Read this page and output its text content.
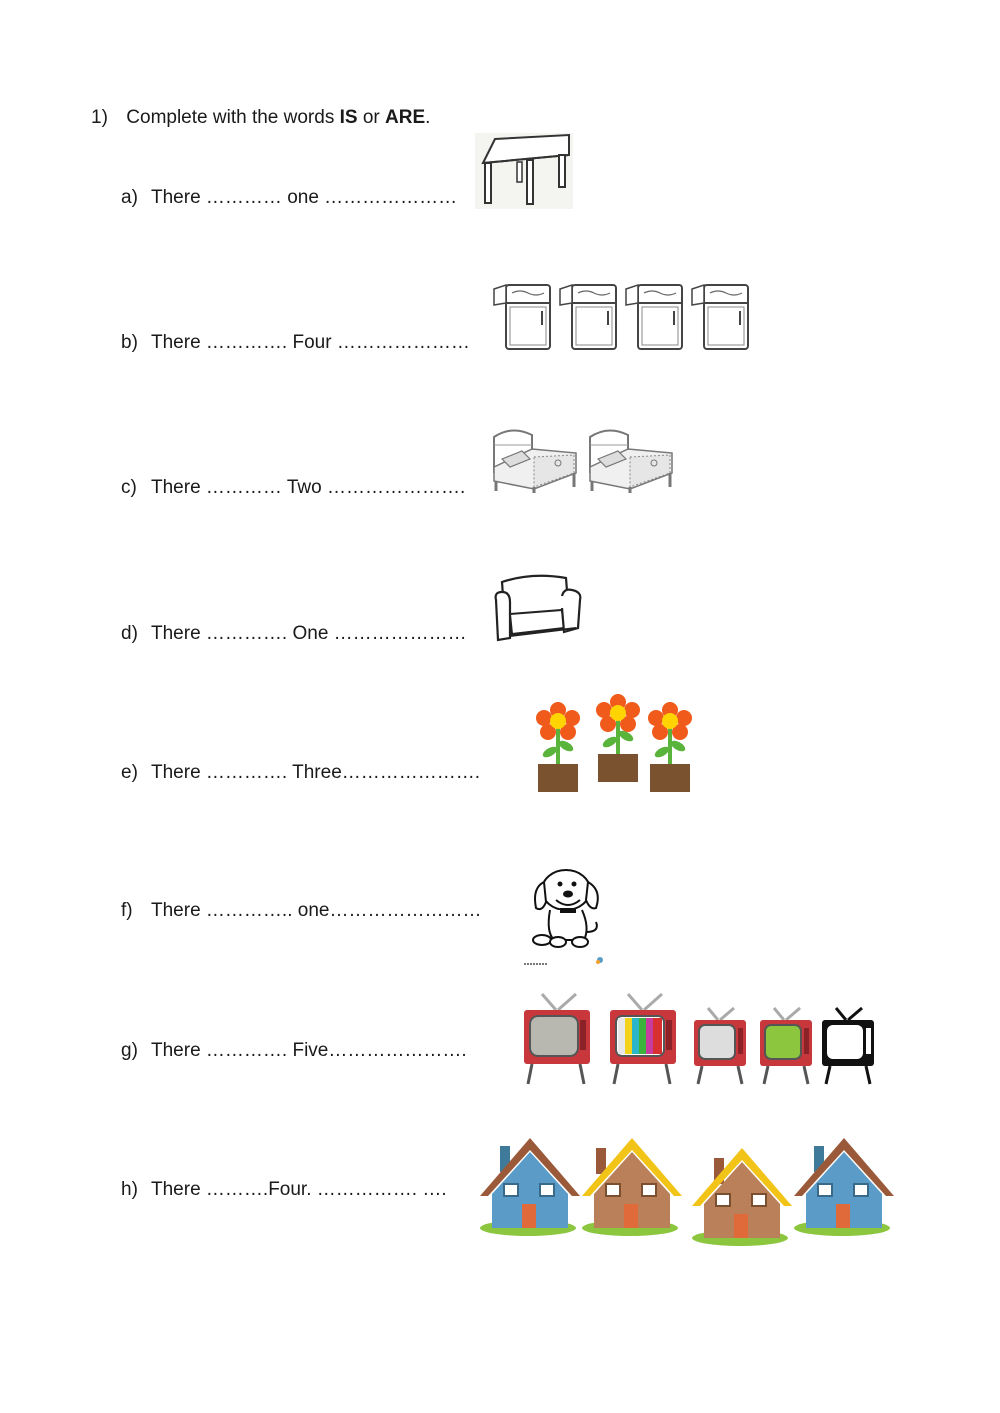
1) Complete with the words IS or ARE.
a) There ………… one …………………
b) There …………. Four …………………
c) There ………… Two ………………….
d) There …………. One …………………
e) There …………. Three………………….
f) There ………….. one……………………
g) There …………. Five………………….
h) There ……….Four. ……………. ….
